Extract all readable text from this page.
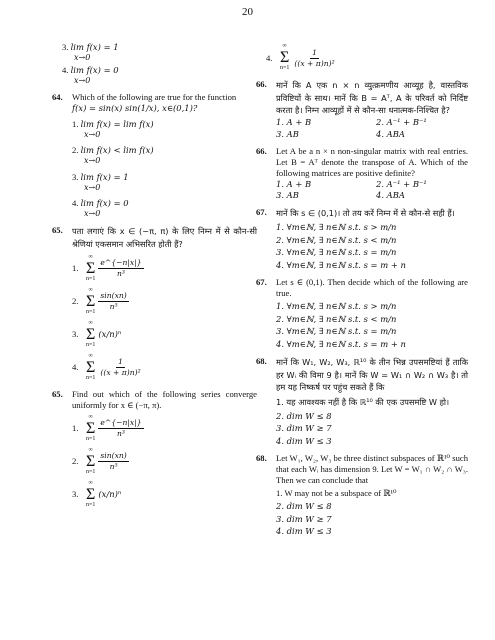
20
3. lim f(x) = 1
x→0
4. lim f(x) = 0
x→0
64.	Which of the following are true for the function
f(x) = sin(x) sin(1/x), x∈(0,1)?
1. lim f(x) = lim f(x)
x→0
2. lim f(x) < lim f(x)
x→0
3. lim f(x) = 1
x→0
4. lim f(x) = 0
x→0
65.	पता लगाएं कि x ∈ (−π, π) के लिए निम्न में से कौन-सी श्रेणियां एकसमान अभिसरित होती हैं?
1.
∞
Σ
$n=1 \frac{e\^{}\{-n|x|\}}{\text{n³}}$
2.
∞
Σ
$n=1 \frac{\sin(xn)}{\text{n⁵}}$
3.
∞
Σ
n=1
(x/n)ⁿ
4.
∞
Σ
$n=1 \frac{1}{\text{((x + π)n)²}}$
65.	Find out which of the following series converge uniformly for x ∈ (−π, π).
1.
∞
Σ
$n=1 \frac{e\^{}\{-n|x|\}}{\text{n³}}$
2.
∞
Σ
$n=1 \frac{\sin(xn)}{\text{n⁵}}$
3.
∞
Σ
n=1
(x/n)ⁿ
4.
∞
Σ
$n=1 \frac{1}{\text{((x + π)n)²}}$
66.	मानें कि A एक n × n व्युत्क्रमणीय आव्यूह है, वास्तविक प्रविष्टियों के साथ। मानें कि B = Aᵀ, A के परिवर्त को निर्दिष्ट करता है। निम्न आव्यूहों में से कौन-सा धनात्मक-निश्चित है?
1. A + B	2. A⁻¹ + B⁻¹
3. AB	4. ABA
66.	Let A be a n × n non-singular matrix with real entries. Let B = Aᵀ denote the transpose of A. Which of the following matrices are positive definite?
1. A + B	2. A⁻¹ + B⁻¹
3. AB	4. ABA
67.	मानें कि s ∈ (0,1)। तो तय करें निम्न में से कौन-से सही हैं।
1. ∀m∈ℕ, ∃ n∈ℕ s.t. s > m/n
2. ∀m∈ℕ, ∃ n∈ℕ s.t. s < m/n
3. ∀m∈ℕ, ∃ n∈ℕ s.t. s = m/n
4. ∀m∈ℕ, ∃ n∈ℕ s.t. s = m + n
67.	Let s ∈ (0,1). Then decide which of the following are true.
1. ∀m∈ℕ, ∃ n∈ℕ s.t. s > m/n
2. ∀m∈ℕ, ∃ n∈ℕ s.t. s < m/n
3. ∀m∈ℕ, ∃ n∈ℕ s.t. s = m/n
4. ∀m∈ℕ, ∃ n∈ℕ s.t. s = m + n
68.	मानें कि W₁, W₂, W₃, ℝ¹⁰ के तीन भिन्न उपसमष्टियां हैं ताकि हर Wᵢ की विमा 9 है। मानें कि W = W₁ ∩ W₂ ∩ W₃ है। तो हम यह निष्कर्ष पर पहुंच सकते हैं कि
1. यह आवश्यक नहीं है कि ℝ¹⁰ की एक उपसमष्टि W हो।
2. dim W ≤ 8
3. dim W ≥ 7
4. dim W ≤ 3
68.	Let W₁, W₂, W₃ be three distinct subspaces of ℝ¹⁰ such that each Wᵢ has dimension 9. Let W = W₁ ∩ W₂ ∩ W₃. Then we can conclude that
1. W may not be a subspace of ℝ¹⁰
2. dim W ≤ 8
3. dim W ≥ 7
4. dim W ≤ 3
